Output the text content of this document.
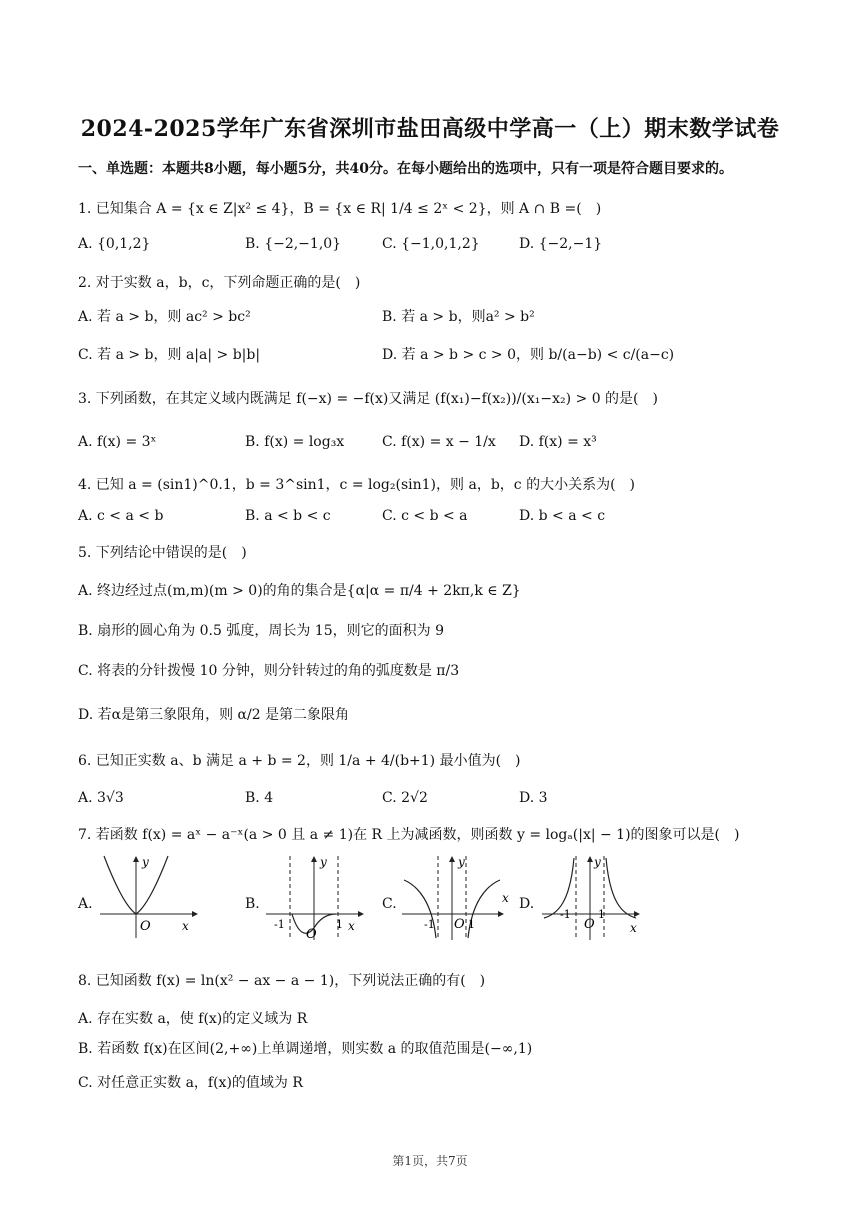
2024-2025学年广东省深圳市盐田高级中学高一（上）期末数学试卷
一、单选题：本题共8小题，每小题5分，共40分。在每小题给出的选项中，只有一项是符合题目要求的。
1. 已知集合 A = {x ∈ Z|x² ≤ 4}，B = {x ∈ R| 1/4 ≤ 2ˣ < 2}，则 A ∩ B =(　)
A. {0,1,2}	B. {−2,−1,0}	C. {−1,0,1,2}	D. {−2,−1}
2. 对于实数 a，b，c，下列命题正确的是(　)
A. 若 a > b，则 ac² > bc²	B. 若 a > b，则a² > b²
C. 若 a > b，则 a|a| > b|b|	D. 若 a > b > c > 0，则 b/(a−b) < c/(a−c)
3. 下列函数，在其定义域内既满足 f(−x) = −f(x)又满足 (f(x₁)−f(x₂))/(x₁−x₂) > 0 的是(　)
A. f(x) = 3ˣ	B. f(x) = log₃x	C. f(x) = x − 1/x D. f(x) = x³
4. 已知 a = (sin1)^0.1，b = 3^sin1，c = log₂(sin1)，则 a，b，c 的大小关系为(　)
A. c < a < b	B. a < b < c	C. c < b < a	D. b < a < c
5. 下列结论中错误的是(　)
A. 终边经过点(m,m)(m > 0)的角的集合是{α|α = π/4 + 2kπ,k ∈ Z}
B. 扇形的圆心角为 0.5 弧度，周长为 15，则它的面积为 9
C. 将表的分针拨慢 10 分钟，则分针转过的角的弧度数是 π/3
D. 若α是第三象限角，则 α/2 是第二象限角
6. 已知正实数 a、b 满足 a + b = 2，则 1/a + 4/(b+1) 最小值为(　)
A. 3√3	B. 4	C. 2√2	D. 3
7. 若函数 f(x) = aˣ − a⁻ˣ(a > 0 且 a ≠ 1)在 R 上为减函数，则函数 y = logₐ(|x| − 1)的图象可以是(　)
A.
y
x
O
B.
y
x
O
-1	1
C.
y
x
O
-1	1
D.
y
x
O
-1 1
8. 已知函数 f(x) = ln(x² − ax − a − 1)，下列说法正确的有(　)
A. 存在实数 a，使 f(x)的定义域为 R
B. 若函数 f(x)在区间(2,+∞)上单调递增，则实数 a 的取值范围是(−∞,1)
C. 对任意正实数 a，f(x)的值域为 R
第1页，共7页
